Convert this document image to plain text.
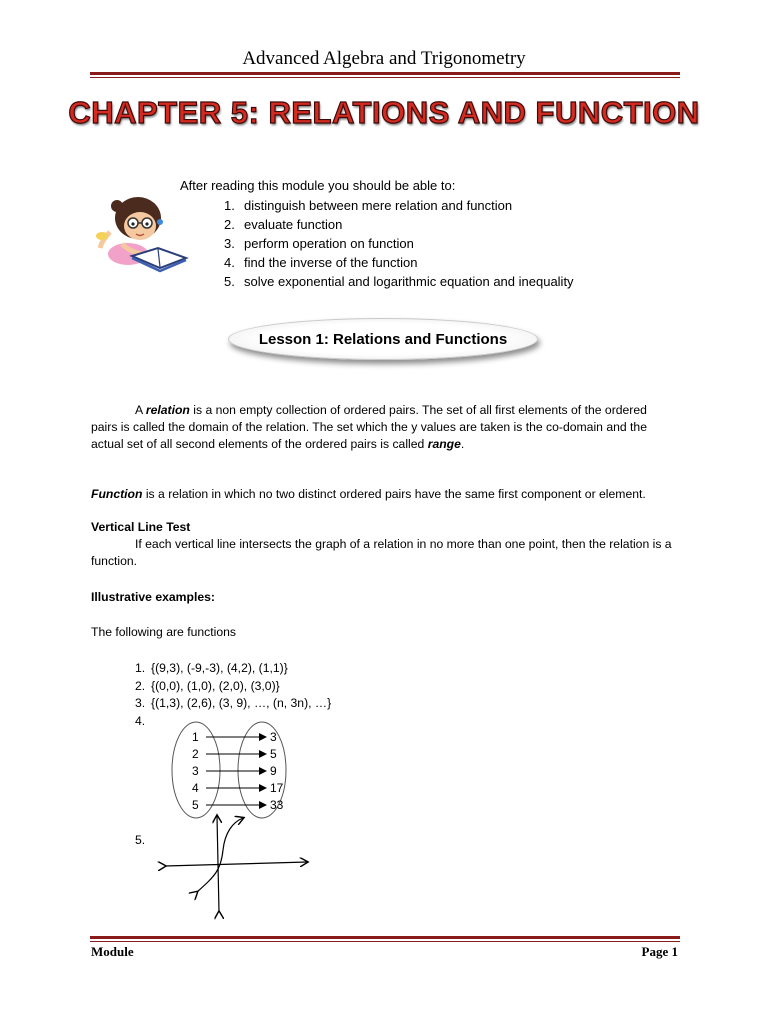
Advanced Algebra and Trigonometry
CHAPTER 5: RELATIONS AND FUNCTION
After reading this module you should be able to:
1. distinguish between mere relation and function
2. evaluate function
3. perform operation on function
4. find the inverse of the function
5. solve exponential and logarithmic equation and inequality
Lesson 1: Relations and Functions

A relation is a non empty collection of ordered pairs. The set of all first elements of the ordered pairs is called the domain of the relation. The set which the y values are taken is the co-domain and the actual set of all second elements of the ordered pairs is called range.

Function is a relation in which no two distinct ordered pairs have the same first component or element.

Vertical Line Test

If each vertical line intersects the graph of a relation in no more than one point, then the relation is a function.

Illustrative examples:
The following are functions
1. {(9,3), (-9,-3), (4,2), (1,1)}
2. {(0,0), (1,0), (2,0), (3,0)}
3. {(1,3), (2,6), (3, 9), …, (n, 3n), …}
4.
1
2
3
4
5
3
5
9
17
33
5.
Module	Page 1
